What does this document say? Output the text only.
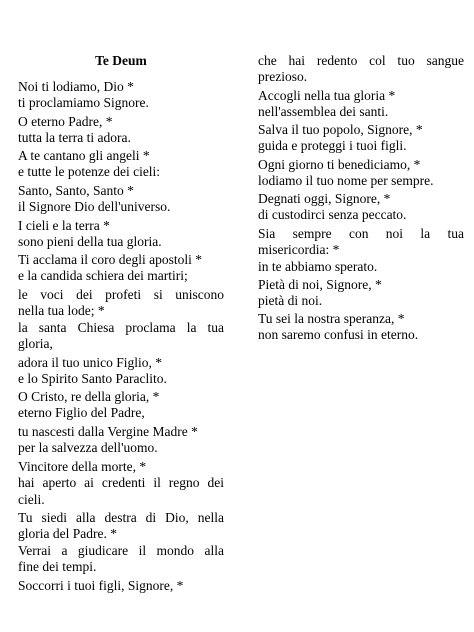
Te Deum

Noi ti lodiamo, Dio *
ti proclamiamo Signore.

O eterno Padre, *
tutta la terra ti adora.

A te cantano gli angeli *
e tutte le potenze dei cieli:

Santo, Santo, Santo *
il Signore Dio dell'universo.

I cieli e la terra *
sono pieni della tua gloria.

Ti acclama il coro degli apostoli *
e la candida schiera dei martiri;

le voci dei profeti si uniscono
nella tua lode; *
la santa Chiesa proclama la tua
gloria,

adora il tuo unico Figlio, *
e lo Spirito Santo Paraclito.

O Cristo, re della gloria, *
eterno Figlio del Padre,

tu nascesti dalla Vergine Madre *
per la salvezza dell'uomo.

Vincitore della morte, *
hai aperto ai credenti il regno dei
cieli.

Tu siedi alla destra di Dio, nella
gloria del Padre. *
Verrai a giudicare il mondo alla
fine dei tempi.

Soccorri i tuoi figli, Signore, *

che hai redento col tuo sangue
prezioso.

Accogli nella tua gloria *
nell'assemblea dei santi.

Salva il tuo popolo, Signore, *
guida e proteggi i tuoi figli.

Ogni giorno ti benediciamo, *
lodiamo il tuo nome per sempre.

Degnati oggi, Signore, *
di custodirci senza peccato.

Sia sempre con noi la tua
misericordia: *
in te abbiamo sperato.

Pietà di noi, Signore, *
pietà di noi.

Tu sei la nostra speranza, *
non saremo confusi in eterno.
